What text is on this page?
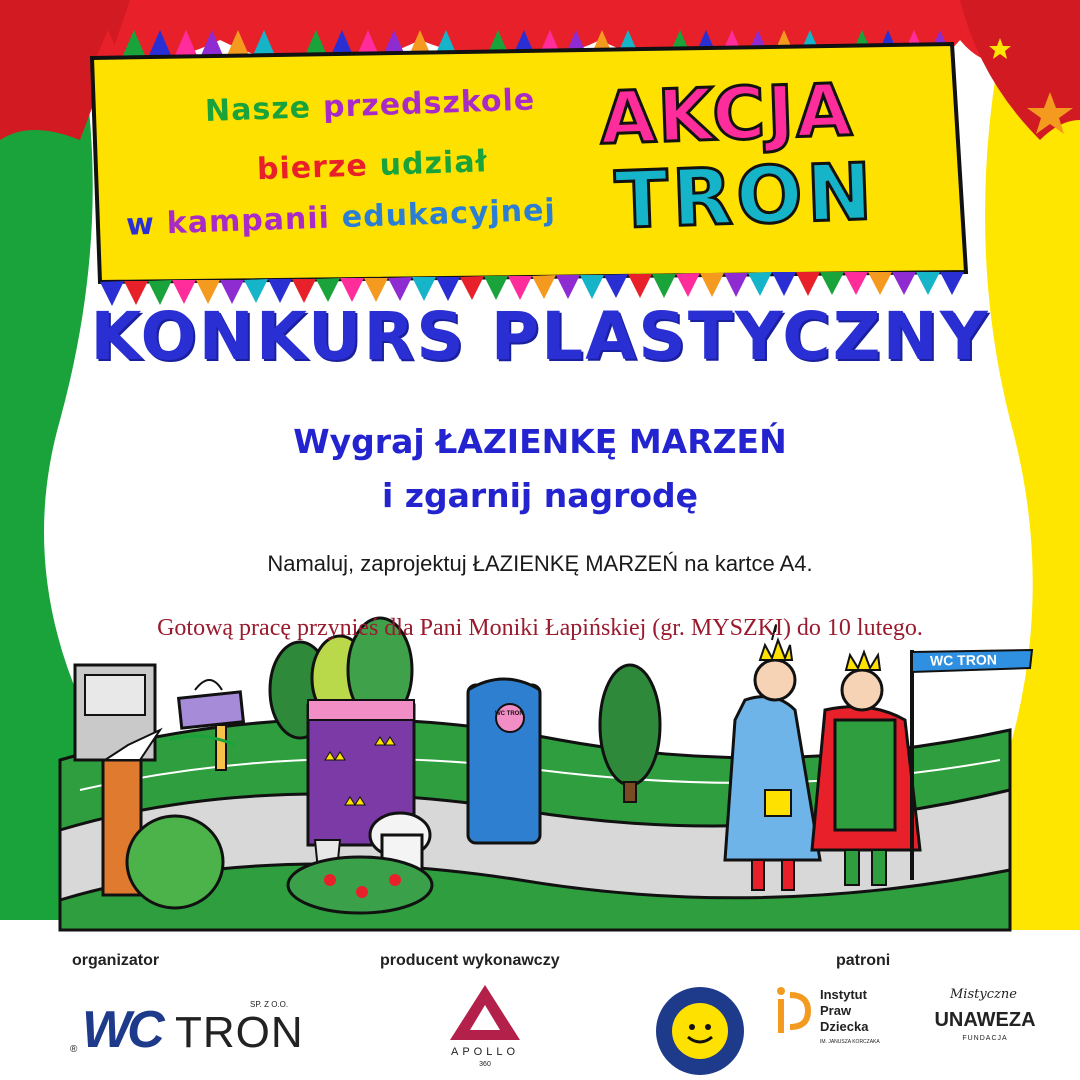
Nasze przedszkole
bierze udział
w kampanii edukacyjnej
AKCJA
TRON
KONKURS PLASTYCZNY
Wygraj ŁAZIENKĘ MARZEŃ
i zgarnij nagrodę
Namaluj, zaprojektuj ŁAZIENKĘ MARZEŃ na kartce A4.
Gotową pracę przynieś dla Pani Moniki Łapińskiej (gr. MYSZKI) do 10 lutego.
WC TRON
WC TRON
organizator	producent wykonawczy	patroni
WC TRON
SP. Z O.O.
®	APOLLO
360
Instytut
Praw
Dziecka
IM. JANUSZA KORCZAKA
Mistyczne
UNAWEZA
FUNDACJA
